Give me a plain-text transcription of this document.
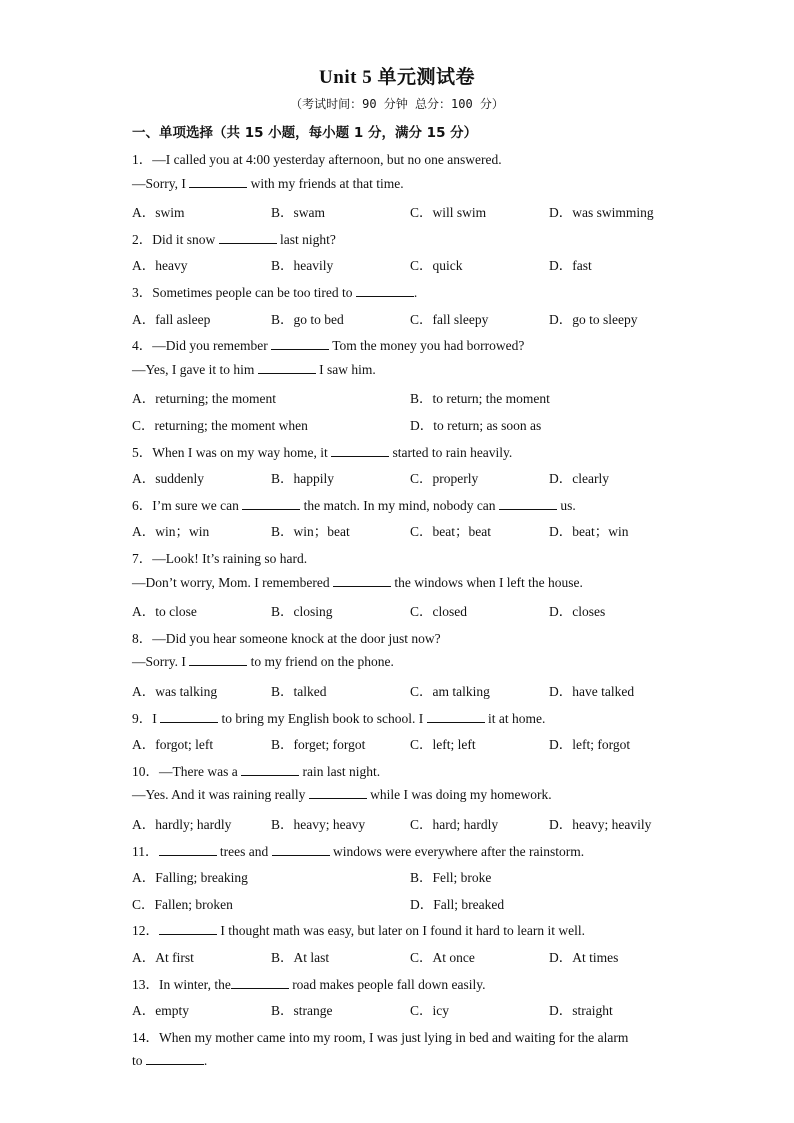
Unit 5 单元测试卷
（考试时间：90 分钟 总分：100 分）
一、单项选择（共 15 小题，每小题 1 分，满分 15 分）
1．—I called you at 4:00 yesterday afternoon, but no one answered.
—Sorry, I	with my friends at that time.
A．swim	B．swam	C．will swim	D．was swimming
2．Did it snow	last night?
A．heavy	B．heavily	C．quick	D．fast
3．Sometimes people can be too tired to	.
A．fall asleep	B．go to bed	C．fall sleepy	D．go to sleepy
4．—Did you remember	Tom the money you had borrowed?
—Yes, I gave it to him	I saw him.
A．returning; the moment	B．to return; the moment
C．returning; the moment when	D．to return; as soon as
5．When I was on my way home, it	started to rain heavily.
A．suddenly	B．happily	C．properly	D．clearly
6．I’m sure we can	the match. In my mind, nobody can	us.
A．win；win	B．win；beat	C．beat；beat	D．beat；win
7．—Look! It’s raining so hard.
—Don’t worry, Mom. I remembered	the windows when I left the house.
A．to close	B．closing	C．closed	D．closes
8．—Did you hear someone knock at the door just now?
—Sorry. I	to my friend on the phone.
A．was talking	B．talked	C．am talking	D．have talked
9．I	to bring my English book to school. I	it at home.
A．forgot; left	B．forget; forgot	C．left; left	D．left; forgot
10．—There was a	rain last night.
—Yes. And it was raining really	while I was doing my homework.
A．hardly; hardly	B．heavy; heavy	C．hard; hardly	D．heavy; heavily
11．	trees and	windows were everywhere after the rainstorm.
A．Falling; breaking	B．Fell; broke
C．Fallen; broken	D．Fall; breaked
12．	I thought math was easy, but later on I found it hard to learn it well.
A．At first	B．At last	C．At once	D．At times
13．In winter, the	road makes people fall down easily.
A．empty	B．strange	C．icy	D．straight
14．When my mother came into my room, I was just lying in bed and waiting for the alarm
to	.
